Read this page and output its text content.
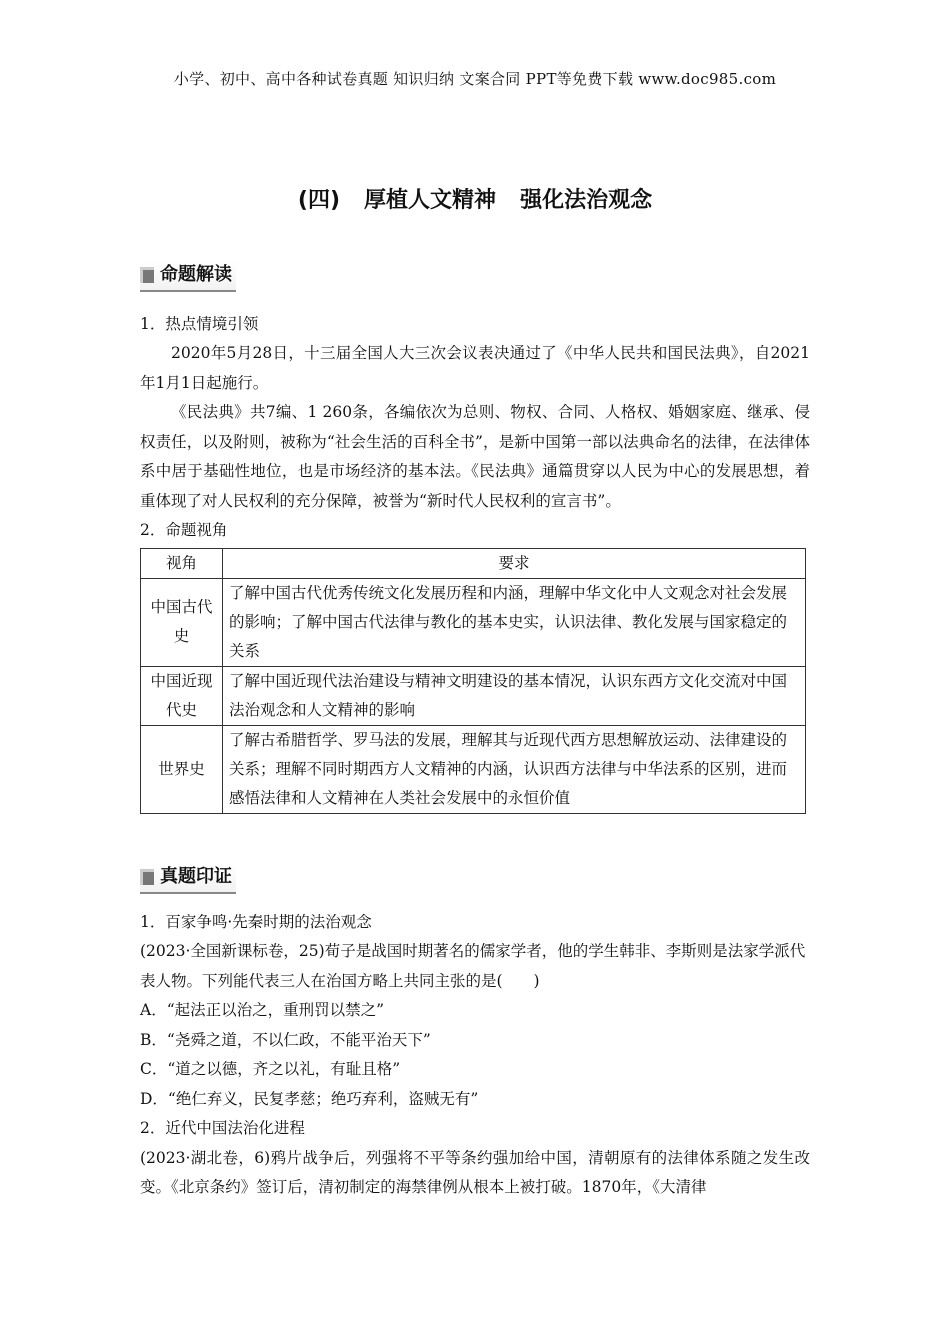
小学、初中、高中各种试卷真题 知识归纳 文案合同 PPT等免费下载 www.doc985.com
(四) 厚植人文精神 强化法治观念
命题解读
1．热点情境引领
2020年5月28日，十三届全国人大三次会议表决通过了《中华人民共和国民法典》，自2021年1月1日起施行。
《民法典》共7编、1 260条，各编依次为总则、物权、合同、人格权、婚姻家庭、继承、侵权责任，以及附则，被称为“社会生活的百科全书”，是新中国第一部以法典命名的法律，在法律体系中居于基础性地位，也是市场经济的基本法。《民法典》通篇贯穿以人民为中心的发展思想，着重体现了对人民权利的充分保障，被誉为“新时代人民权利的宣言书”。
2．命题视角
视角	要求
中国古代史	了解中国古代优秀传统文化发展历程和内涵，理解中华文化中人文观念对社会发展的影响；了解中国古代法律与教化的基本史实，认识法律、教化发展与国家稳定的关系
中国近现代史	了解中国近现代法治建设与精神文明建设的基本情况，认识东西方文化交流对中国法治观念和人文精神的影响
世界史	了解古希腊哲学、罗马法的发展，理解其与近现代西方思想解放运动、法律建设的关系；理解不同时期西方人文精神的内涵，认识西方法律与中华法系的区别，进而感悟法律和人文精神在人类社会发展中的永恒价值
真题印证
1．百家争鸣·先秦时期的法治观念
(2023·全国新课标卷，25)荀子是战国时期著名的儒家学者，他的学生韩非、李斯则是法家学派代表人物。下列能代表三人在治国方略上共同主张的是(　　)
A．“起法正以治之，重刑罚以禁之”
B．“尧舜之道，不以仁政，不能平治天下”
C．“道之以德，齐之以礼，有耻且格”
D．“绝仁弃义，民复孝慈；绝巧弃利，盗贼无有”
2．近代中国法治化进程
(2023·湖北卷，6)鸦片战争后，列强将不平等条约强加给中国，清朝原有的法律体系随之发生改变。《北京条约》签订后，清初制定的海禁律例从根本上被打破。1870年，《大清律
